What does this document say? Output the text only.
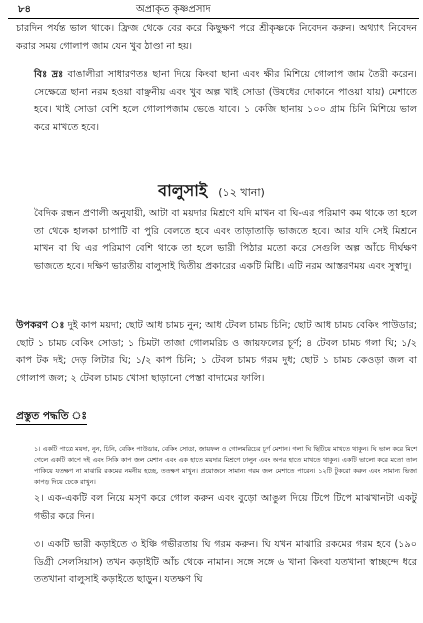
৮৪	অপ্রাকৃত কৃষ্ণপ্রসাদ

চারদিন পর্যন্ত ভাল থাকে। ফ্রিজ থেকে বের করে কিছুক্ষণ পরে শ্রীকৃষ্ণকে নিবেদন করুন। অথ্যাৎ নিবেদন করার সময় গোলাপ জাম যেন খুব ঠাণ্ডা না হয়।

বিঃ দ্রঃ বাঙালীরা সাধারণতঃ ছানা দিয়ে কিংবা ছানা এবং ক্ষীর মিশিয়ে গোলাপ জাম তৈরী করেন। সেক্ষেত্রে ছানা নরম হওয়া বাঞ্ছনীয় এবং খুব অল্প খাই সোডা (উষধের দোকানে পাওয়া যায়) মেশাতে হবে। খাই সোডা বেশি হলে গোলাপজাম ভেঙে যাবে। ১ কেজি ছানায় ১০০ গ্রাম চিনি মিশিয়ে ভাল করে মাখতে হবে।

বালুসাই (১২ খানা)

বৈদিক রন্ধন প্রণালী অনুযায়ী, আটা বা ময়দার মিশ্রণে যদি মাখন বা ঘি-এর পরিমাণ কম থাকে তা হলে তা থেকে হালকা চাপাটি বা পুরি বেলতে হবে এবং তাড়াতাড়ি ভাজতে হবে। আর যদি সেই মিশ্রনে মাখন বা ঘি এর পরিমাণ বেশি থাকে তা হলে ভারী পিঠার মতো করে সেগুলি অল্প আঁচে দীর্ঘক্ষণ ভাজতে হবে। দক্ষিণ ভারতীয় বালুসাই দ্বিতীয় প্রকারের একটি মিষ্টি। এটি নরম আস্তরণময় এবং সুস্বাদু।

উপকরণ ঃ দুই কাপ ময়দা; ছোট আধ চামচ নুন; আধ টেবল চামচ চিনি; ছোট আধ চামচ বেকিং পাউডার; ছোট ১ চামচ বেকিং সোডা; ১ চিমটা তাজা গোলমরিচ ও জায়ফলের চূর্ণ; ৪ টেবল চামচ গলা ঘি; ১/২ কাপ টক দই; দেড় লিটার ঘি; ১/২ কাপ চিনি; ১ টেবল চামচ গরম দুধ; ছোট ১ চামচ কেওড়া জল বা গোলাপ জল; ২ টেবল চামচ খোসা ছাড়ানো পেস্তা বাদামের ফালি।

প্রস্তুত পদ্ধতি ঃ

১। একটি পাত্রে ময়দা, নুন, চিনি, বেকিং পাউডার, বেকিং সোডা, জায়ফল ও গোলমরিচের চূর্ণ মেশান। গলা ঘি ছিটিয়ে মাখতে থাকুন। ঘি ভাল করে মিশে গেলে একটি কাপে দই এবং সিকি কাপ জল মেশান এবং এক হাতে ময়দার মিশ্রণে ঢালুন এবং অপর হাতে মাখতে থাকুন। একটি ভালো করে মতো তাল পাকিয়ে যতক্ষণ না মাঝারি রকমের নমনীয় হচ্ছে, ততক্ষণ মাখুন। প্রয়োজনে সামান্য গরম জল মেশাতে পারেন। ১২টি টুকরো করুন এবং সামান্য ভিজা কাপড় দিয়ে ঢেকে রাখুন।

২। এক-একটি বল নিয়ে মসৃণ করে গোল করুন এবং বুড়ো আঙুল দিয়ে টিপে টিপে মাঝখানটা একটু গভীর করে দিন।

৩। একটি ভারী কড়াইতে ৩ ইঞ্চি গভীরতায় ঘি গরম করুন। ঘি যখন মাঝারি রকমের গরম হবে (১৯০ ডিগ্রী সেলসিয়াস) তখন কড়াইটি আঁচ থেকে নামান। সঙ্গে সঙ্গে ৬ খানা কিংবা যতখানা স্বাচ্ছন্দে ধরে ততখানা বালুসাই কড়াইতে ছাড়ুন। যতক্ষণ ঘি
